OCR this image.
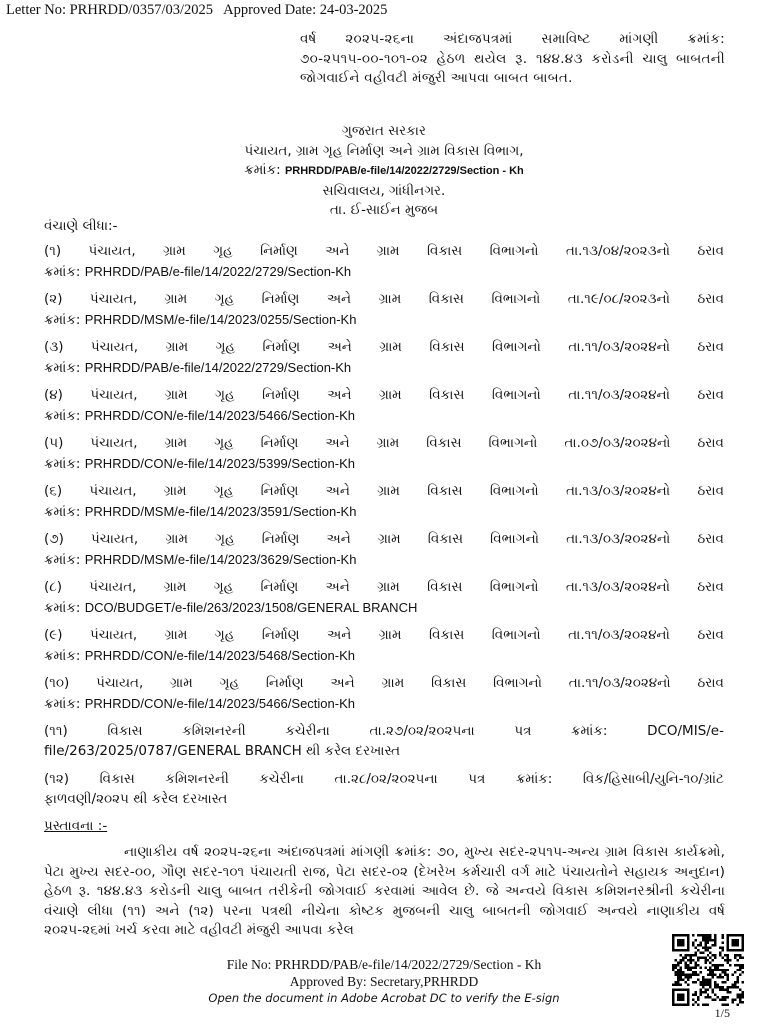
Letter No: PRHRDD/0357/03/2025 Approved Date: 24-03-2025
વર્ષ ૨૦૨૫-૨૬ના અંદાજપત્રમાં સમાવિષ્ટ માંગણી ક્રમાંક: ૭૦-૨૫૧૫-૦૦-૧૦૧-૦૨ હેઠળ થયેલ રૂ. ૧૪૪.૪૩ કરોડની ચાલુ બાબતની જોગવાઈને વહીવટી મંજુરી આપવા બાબત બાબત.
ગુજરાત સરકાર
પંચાયત, ગ્રામ ગૃહ નિર્માણ અને ગ્રામ વિકાસ વિભાગ,
ક્રમાંક: PRHRDD/PAB/e-file/14/2022/2729/Section - Kh
સચિવાલય, ગાંધીનગર.
તા. ઈ-સાઈન મુજબ
વંચાણે લીધા:-
(૧) પંચાયત, ગ્રામ ગૃહ નિર્માણ અને ગ્રામ વિકાસ વિભાગનો તા.૧૩/૦૪/૨૦૨૩નો ઠરાવ
ક્રમાંક: PRHRDD/PAB/e-file/14/2022/2729/Section-Kh
(૨) પંચાયત, ગ્રામ ગૃહ નિર્માણ અને ગ્રામ વિકાસ વિભાગનો તા.૧૯/૦૮/૨૦૨૩નો ઠરાવ
ક્રમાંક: PRHRDD/MSM/e-file/14/2023/0255/Section-Kh
(૩) પંચાયત, ગ્રામ ગૃહ નિર્માણ અને ગ્રામ વિકાસ વિભાગનો તા.૧૧/૦૩/૨૦૨૪નો ઠરાવ
ક્રમાંક: PRHRDD/PAB/e-file/14/2022/2729/Section-Kh
(૪) પંચાયત, ગ્રામ ગૃહ નિર્માણ અને ગ્રામ વિકાસ વિભાગનો તા.૧૧/૦૩/૨૦૨૪નો ઠરાવ
ક્રમાંક: PRHRDD/CON/e-file/14/2023/5466/Section-Kh
(૫) પંચાયત, ગ્રામ ગૃહ નિર્માણ અને ગ્રામ વિકાસ વિભાગનો તા.૦૭/૦૩/૨૦૨૪નો ઠરાવ
ક્રમાંક: PRHRDD/CON/e-file/14/2023/5399/Section-Kh
(૬) પંચાયત, ગ્રામ ગૃહ નિર્માણ અને ગ્રામ વિકાસ વિભાગનો તા.૧૩/૦૩/૨૦૨૪નો ઠરાવ
ક્રમાંક: PRHRDD/MSM/e-file/14/2023/3591/Section-Kh
(૭) પંચાયત, ગ્રામ ગૃહ નિર્માણ અને ગ્રામ વિકાસ વિભાગનો તા.૧૩/૦૩/૨૦૨૪નો ઠરાવ
ક્રમાંક: PRHRDD/MSM/e-file/14/2023/3629/Section-Kh
(૮) પંચાયત, ગ્રામ ગૃહ નિર્માણ અને ગ્રામ વિકાસ વિભાગનો તા.૧૩/૦૩/૨૦૨૪નો ઠરાવ
ક્રમાંક: DCO/BUDGET/e-file/263/2023/1508/GENERAL BRANCH
(૯) પંચાયત, ગ્રામ ગૃહ નિર્માણ અને ગ્રામ વિકાસ વિભાગનો તા.૧૧/૦૩/૨૦૨૪નો ઠરાવ
ક્રમાંક: PRHRDD/CON/e-file/14/2023/5468/Section-Kh
(૧૦) પંચાયત, ગ્રામ ગૃહ નિર્માણ અને ગ્રામ વિકાસ વિભાગનો તા.૧૧/૦૩/૨૦૨૪નો ઠરાવ
ક્રમાંક: PRHRDD/CON/e-file/14/2023/5466/Section-Kh
(૧૧)	વિકાસ	કમિશનરની	કચેરીના	તા.૨૭/૦૨/૨૦૨૫ના	પત્ર	ક્રમાંક:	DCO/MIS/e-
file/263/2025/0787/GENERAL BRANCH થી કરેલ દરખાસ્ત
(૧૨) વિકાસ કમિશનરની કચેરીના તા.૨૮/૦૨/૨૦૨૫ના પત્ર ક્રમાંક: વિક/હિસાબી/યુનિ-૧૦/ગ્રાંટ
ફાળવણી/૨૦૨૫ થી કરેલ દરખાસ્ત
પ્રસ્તાવના :-
નાણાકીય વર્ષ ૨૦૨૫-૨૬ના અંદાજપત્રમાં માંગણી ક્રમાંક: ૭૦, મુખ્ય સદર-૨૫૧૫-અન્ય ગ્રામ વિકાસ કાર્યક્રમો, પેટા મુખ્ય સદર-૦૦, ગૌણ સદર-૧૦૧ પંચાયતી રાજ, પેટા સદર-૦૨ (દેખરેખ કર્મચારી વર્ગ માટે પંચાયતોને સહાયક અનુદાન) હેઠળ રૂ. ૧૪૪.૪૩ કરોડની ચાલુ બાબત તરીકેની જોગવાઈ કરવામાં આવેલ છે. જે અન્વયે વિકાસ કમિશનરશ્રીની કચેરીના વંચાણે લીધા (૧૧) અને (૧૨) પરના પત્રથી નીચેના કોષ્ટક મુજબની ચાલુ બાબતની જોગવાઈ અન્વયે નાણાકીય વર્ષ ૨૦૨૫-૨૬માં ખર્ચ કરવા માટે વહીવટી મંજુરી આપવા કરેલ
File No: PRHRDD/PAB/e-file/14/2022/2729/Section - Kh
Approved By: Secretary,PRHRDD
Open the document in Adobe Acrobat DC to verify the E-sign
1/5
